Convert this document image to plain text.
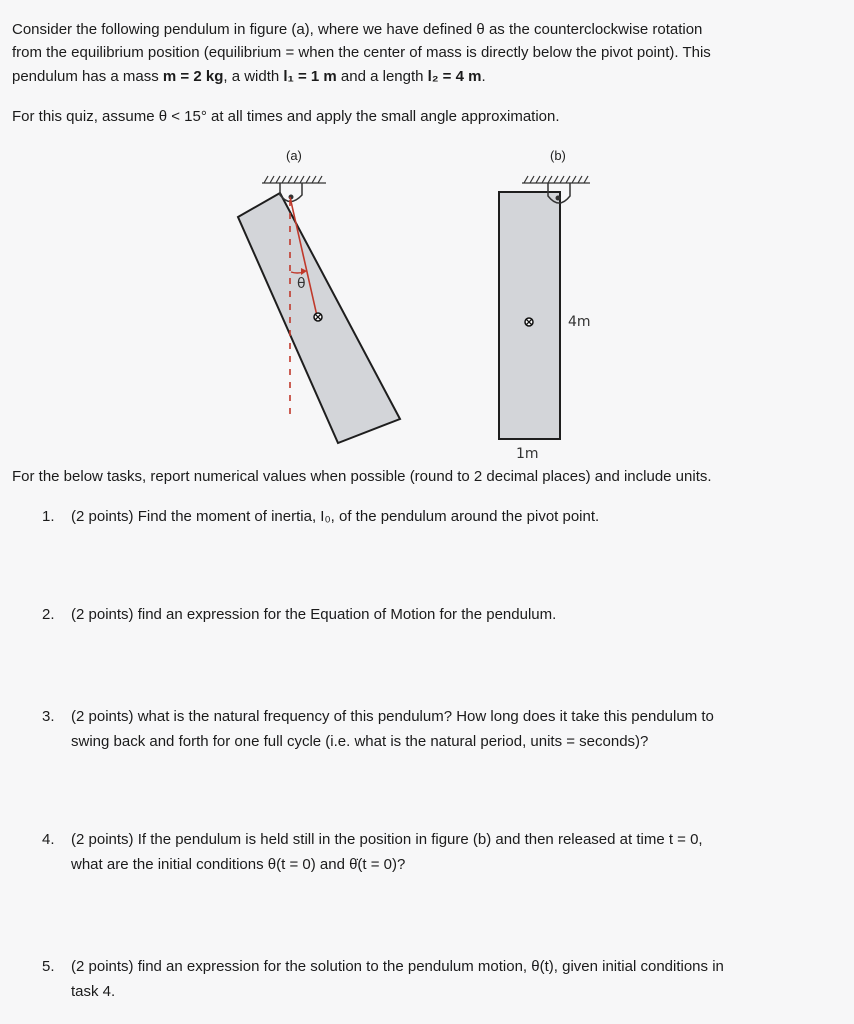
Consider the following pendulum in figure (a), where we have defined θ as the counterclockwise rotation
from the equilibrium position (equilibrium = when the center of mass is directly below the pivot point). This
pendulum has a mass m = 2 kg, a width l₁ = 1 m and a length l₂ = 4 m.
For this quiz, assume θ < 15° at all times and apply the small angle approximation.
(a)	(b)
θ
4m
1m
For the below tasks, report numerical values when possible (round to 2 decimal places) and include units.
1. (2 points) Find the moment of inertia, I₀, of the pendulum around the pivot point.
2. (2 points) find an expression for the Equation of Motion for the pendulum.
3. (2 points) what is the natural frequency of this pendulum? How long does it take this pendulum to
swing back and forth for one full cycle (i.e. what is the natural period, units = seconds)?
4. (2 points) If the pendulum is held still in the position in figure (b) and then released at time t = 0,
what are the initial conditions θ(t = 0) and θ̇(t = 0)?
5. (2 points) find an expression for the solution to the pendulum motion, θ(t), given initial conditions in
task 4.
